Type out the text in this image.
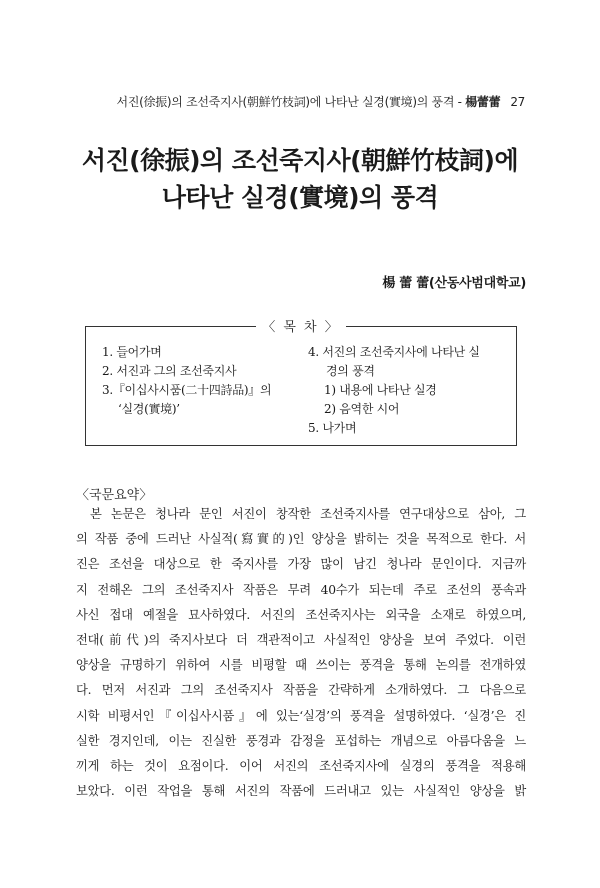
서진(徐振)의 조선죽지사(朝鮮竹枝詞)에 나타난 실경(實境)의 풍격 - 楊蕾蕾 27
서진(徐振)의 조선죽지사(朝鮮竹枝詞)에
나타난 실경(實境)의 풍격
楊 蕾 蕾(산동사범대학교)
〈 목 차 〉
1. 들어가며
2. 서진과 그의 조선죽지사
3.『이십사시품(二十四詩品)』의
‘실경(實境)’
4. 서진의 조선죽지사에 나타난 실
경의 풍격
1) 내용에 나타난 실경
2) 음역한 시어
5. 나가며
〈국문요약〉
본 논문은 청나라 문인 서진이 창작한 조선죽지사를 연구대상으로 삼아, 그
의 작품 중에 드러난 사실적(寫實的)인 양상을 밝히는 것을 목적으로 한다. 서
진은 조선을 대상으로 한 죽지사를 가장 많이 남긴 청나라 문인이다. 지금까
지 전해온 그의 조선죽지사 작품은 무려 40수가 되는데 주로 조선의 풍속과
사신 접대 예절을 묘사하였다. 서진의 조선죽지사는 외국을 소재로 하였으며,
전대(前代)의 죽지사보다 더 객관적이고 사실적인 양상을 보여 주었다. 이런
양상을 규명하기 위하여 시를 비평할 때 쓰이는 풍격을 통해 논의를 전개하였
다. 먼저 서진과 그의 조선죽지사 작품을 간략하게 소개하였다. 그 다음으로
시학 비평서인『이십사시품』에 있는‘실경’의 풍격을 설명하였다. ‘실경’은 진
실한 경지인데, 이는 진실한 풍경과 감정을 포섭하는 개념으로 아름다움을 느
끼게 하는 것이 요점이다. 이어 서진의 조선죽지사에 실경의 풍격을 적용해
보았다. 이런 작업을 통해 서진의 작품에 드러내고 있는 사실적인 양상을 밝
